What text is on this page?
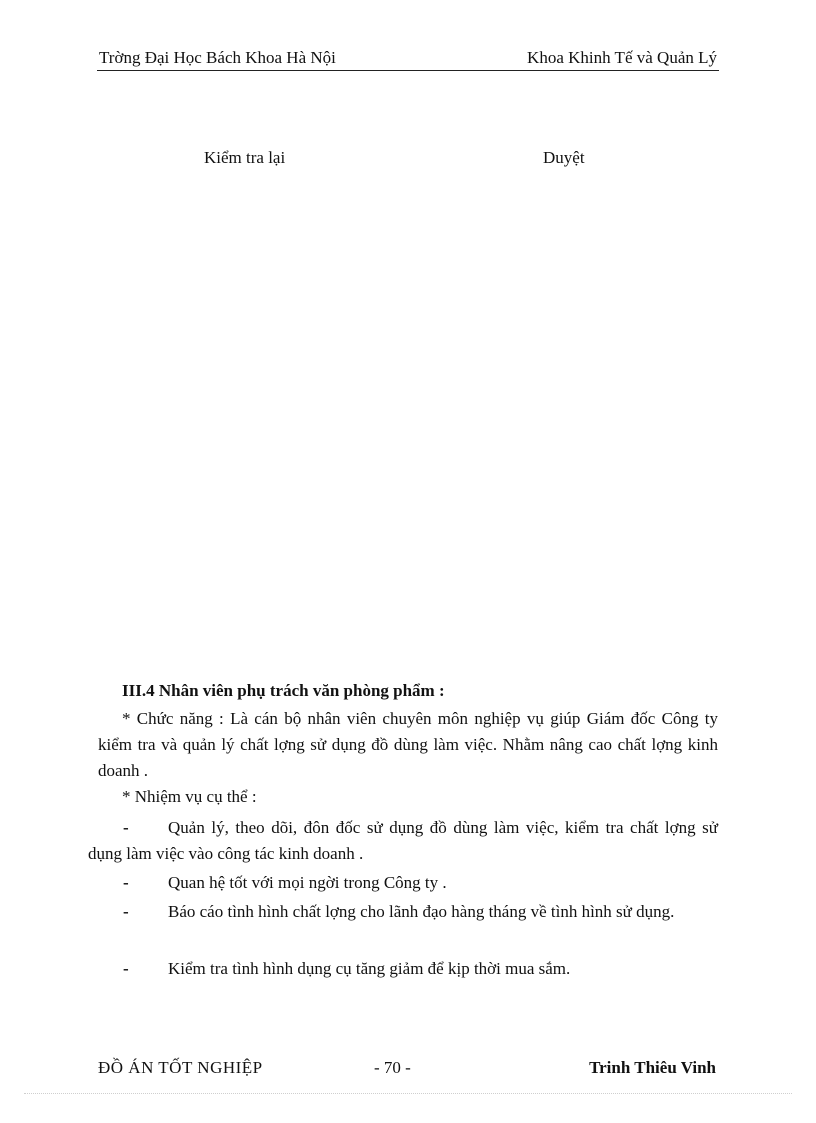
Trờng Đại Học Bách Khoa Hà Nội	Khoa Khinh Tế và Quản Lý
Kiểm tra lại	Duyệt
III.4 Nhân viên phụ trách văn phòng phẩm :
* Chức năng : Là cán bộ nhân viên chuyên môn nghiệp vụ giúp Giám đốc Công ty kiểm tra và quản lý chất lợng sử dụng đồ dùng làm việc. Nhằm nâng cao chất lợng kinh doanh .
* Nhiệm vụ cụ thể :
-	Quản lý, theo dõi, đôn đốc sử dụng đồ dùng làm việc, kiểm tra chất lợng sử dụng làm việc vào công tác kinh doanh .
-	Quan hệ tốt với mọi ngời trong Công ty .
-	Báo cáo tình hình chất lợng cho lãnh đạo hàng tháng về tình hình sử dụng.
-	Kiểm tra tình hình dụng cụ tăng giảm để kịp thời mua sắm.
ĐỒ ÁN TỐT NGHIỆP	- 70 -	Trinh Thiêu Vinh
